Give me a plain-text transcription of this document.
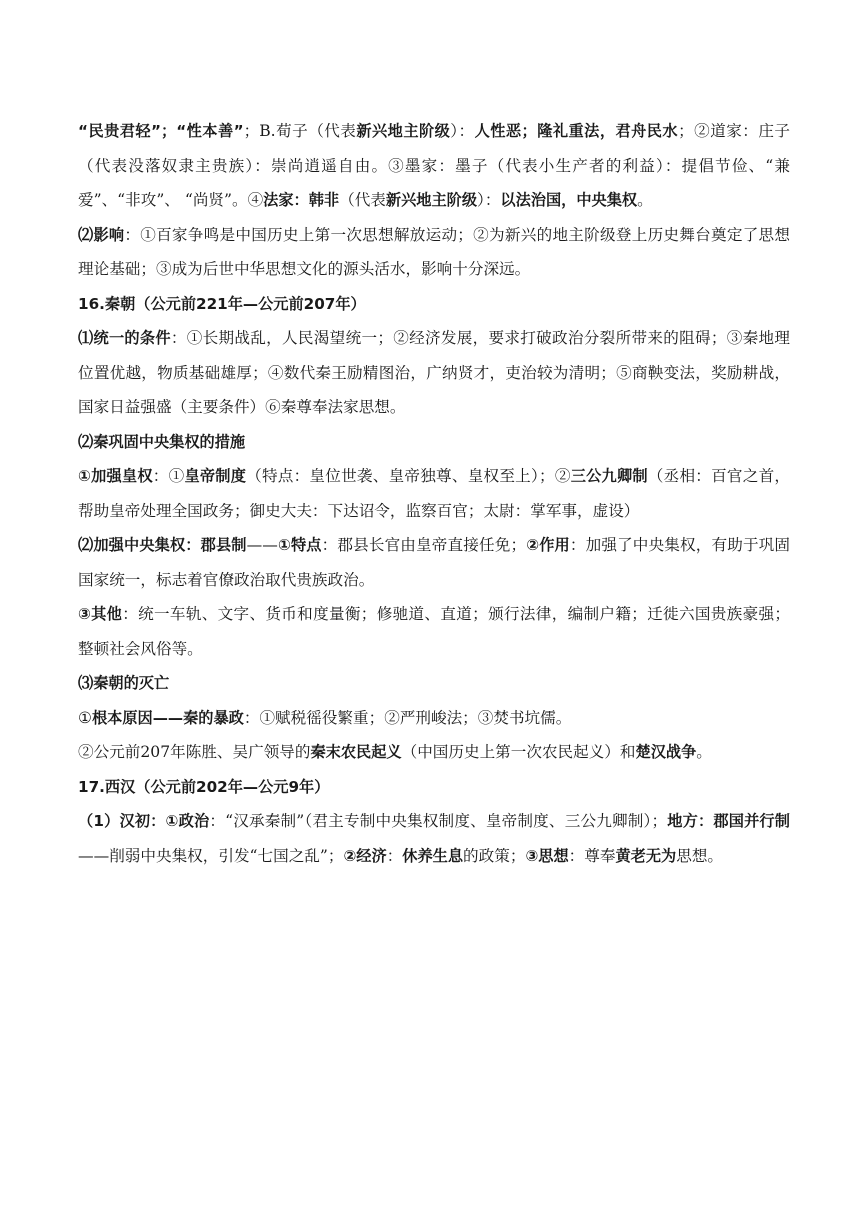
“民贵君轻”；“性本善”；B.荀子（代表新兴地主阶级）：人性恶；隆礼重法，君舟民水；②道家：庄子（代表没落奴隶主贵族）：崇尚逍遥自由。③墨家：墨子（代表小生产者的利益）：提倡节俭、“兼爱”、“非攻”、 “尚贤”。④法家：韩非（代表新兴地主阶级）：以法治国，中央集权。

⑵影响：①百家争鸣是中国历史上第一次思想解放运动；②为新兴的地主阶级登上历史舞台奠定了思想理论基础；③成为后世中华思想文化的源头活水，影响十分深远。

16.秦朝（公元前221年—公元前207年）

⑴统一的条件：①长期战乱，人民渴望统一；②经济发展，要求打破政治分裂所带来的阻碍；③秦地理位置优越，物质基础雄厚；④数代秦王励精图治，广纳贤才，吏治较为清明；⑤商鞅变法，奖励耕战，国家日益强盛（主要条件）⑥秦尊奉法家思想。

⑵秦巩固中央集权的措施

①加强皇权：①皇帝制度（特点：皇位世袭、皇帝独尊、皇权至上）；②三公九卿制（丞相：百官之首，帮助皇帝处理全国政务；御史大夫：下达诏令，监察百官；太尉：掌军事，虚设）

⑵加强中央集权：郡县制——①特点：郡县长官由皇帝直接任免；②作用：加强了中央集权，有助于巩固国家统一，标志着官僚政治取代贵族政治。

③其他：统一车轨、文字、货币和度量衡；修驰道、直道；颁行法律，编制户籍；迁徙六国贵族豪强；整顿社会风俗等。

⑶秦朝的灭亡

①根本原因——秦的暴政：①赋税徭役繁重；②严刑峻法；③焚书坑儒。

②公元前207年陈胜、吴广领导的秦末农民起义（中国历史上第一次农民起义）和楚汉战争。

17.西汉（公元前202年—公元9年）

（1）汉初：①政治：“汉承秦制”（君主专制中央集权制度、皇帝制度、三公九卿制）；地方：郡国并行制——削弱中央集权，引发“七国之乱”；②经济：休养生息的政策；③思想：尊奉黄老无为思想。
